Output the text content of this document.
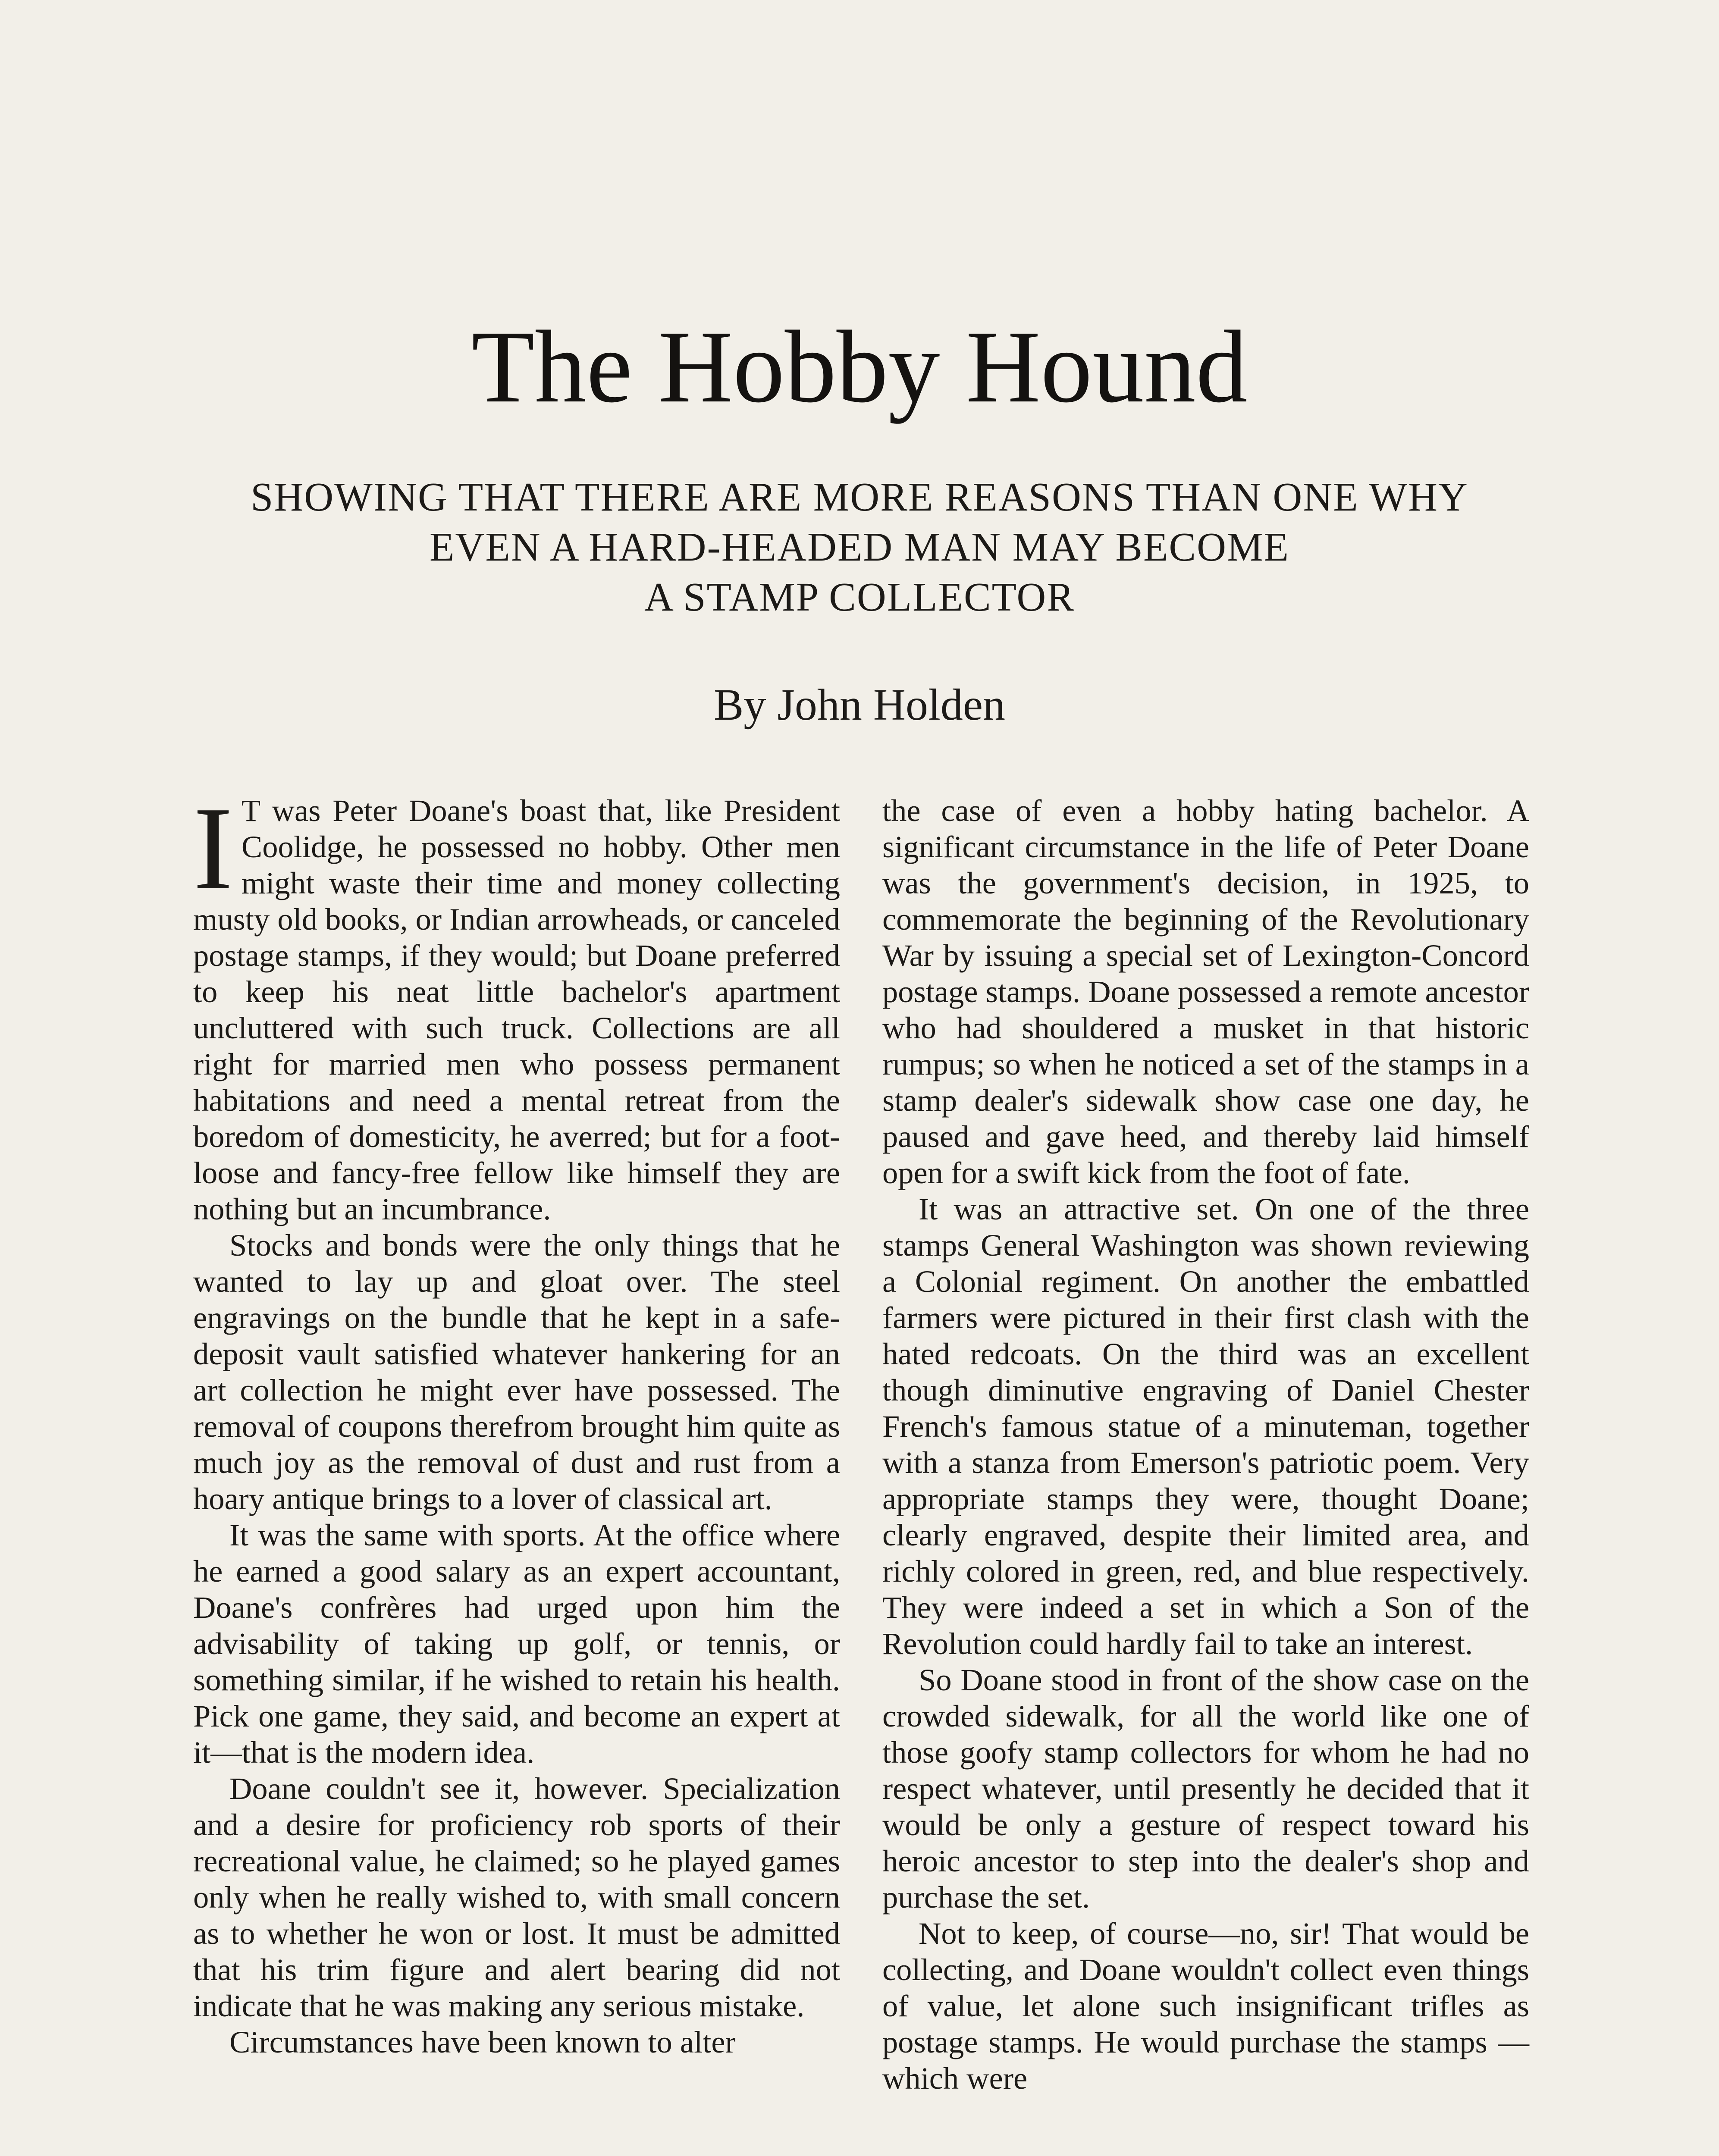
The Hobby Hound
SHOWING THAT THERE ARE MORE REASONS THAN ONE WHY
EVEN A HARD-HEADED MAN MAY BECOME
A STAMP COLLECTOR
By John Holden

I T was Peter Doane's boast that, like President Coolidge, he possessed no hobby. Other men might waste their time and money collecting musty old books, or Indian arrowheads, or canceled postage stamps, if they would; but Doane preferred to keep his neat little bachelor's apartment uncluttered with such truck. Collections are all right for married men who possess permanent habitations and need a mental retreat from the boredom of domesticity, he averred; but for a foot-loose and fancy-free fellow like himself they are nothing but an incumbrance.

Stocks and bonds were the only things that he wanted to lay up and gloat over. The steel engravings on the bundle that he kept in a safe-deposit vault satisfied whatever hankering for an art collection he might ever have possessed. The removal of coupons therefrom brought him quite as much joy as the removal of dust and rust from a hoary antique brings to a lover of classical art.

It was the same with sports. At the office where he earned a good salary as an expert accountant, Doane's confrères had urged upon him the advisability of taking up golf, or tennis, or something similar, if he wished to retain his health. Pick one game, they said, and become an expert at it—that is the modern idea.

Doane couldn't see it, however. Specialization and a desire for proficiency rob sports of their recreational value, he claimed; so he played games only when he really wished to, with small concern as to whether he won or lost. It must be admitted that his trim figure and alert bearing did not indicate that he was making any serious mistake.

Circumstances have been known to alter

the case of even a hobby hating bachelor. A significant circumstance in the life of Peter Doane was the government's decision, in 1925, to commemorate the beginning of the Revolutionary War by issuing a special set of Lexington-Concord postage stamps. Doane possessed a remote ancestor who had shouldered a musket in that historic rumpus; so when he noticed a set of the stamps in a stamp dealer's sidewalk show case one day, he paused and gave heed, and thereby laid himself open for a swift kick from the foot of fate.

It was an attractive set. On one of the three stamps General Washington was shown reviewing a Colonial regiment. On another the embattled farmers were pictured in their first clash with the hated redcoats. On the third was an excellent though diminutive engraving of Daniel Chester French's famous statue of a minuteman, together with a stanza from Emerson's patriotic poem. Very appropriate stamps they were, thought Doane; clearly engraved, despite their limited area, and richly colored in green, red, and blue respectively. They were indeed a set in which a Son of the Revolution could hardly fail to take an interest.

So Doane stood in front of the show case on the crowded sidewalk, for all the world like one of those goofy stamp collectors for whom he had no respect whatever, until presently he decided that it would be only a gesture of respect toward his heroic ancestor to step into the dealer's shop and purchase the set.

Not to keep, of course—no, sir! That would be collecting, and Doane wouldn't collect even things of value, let alone such insignificant trifles as postage stamps. He would purchase the stamps — which were
